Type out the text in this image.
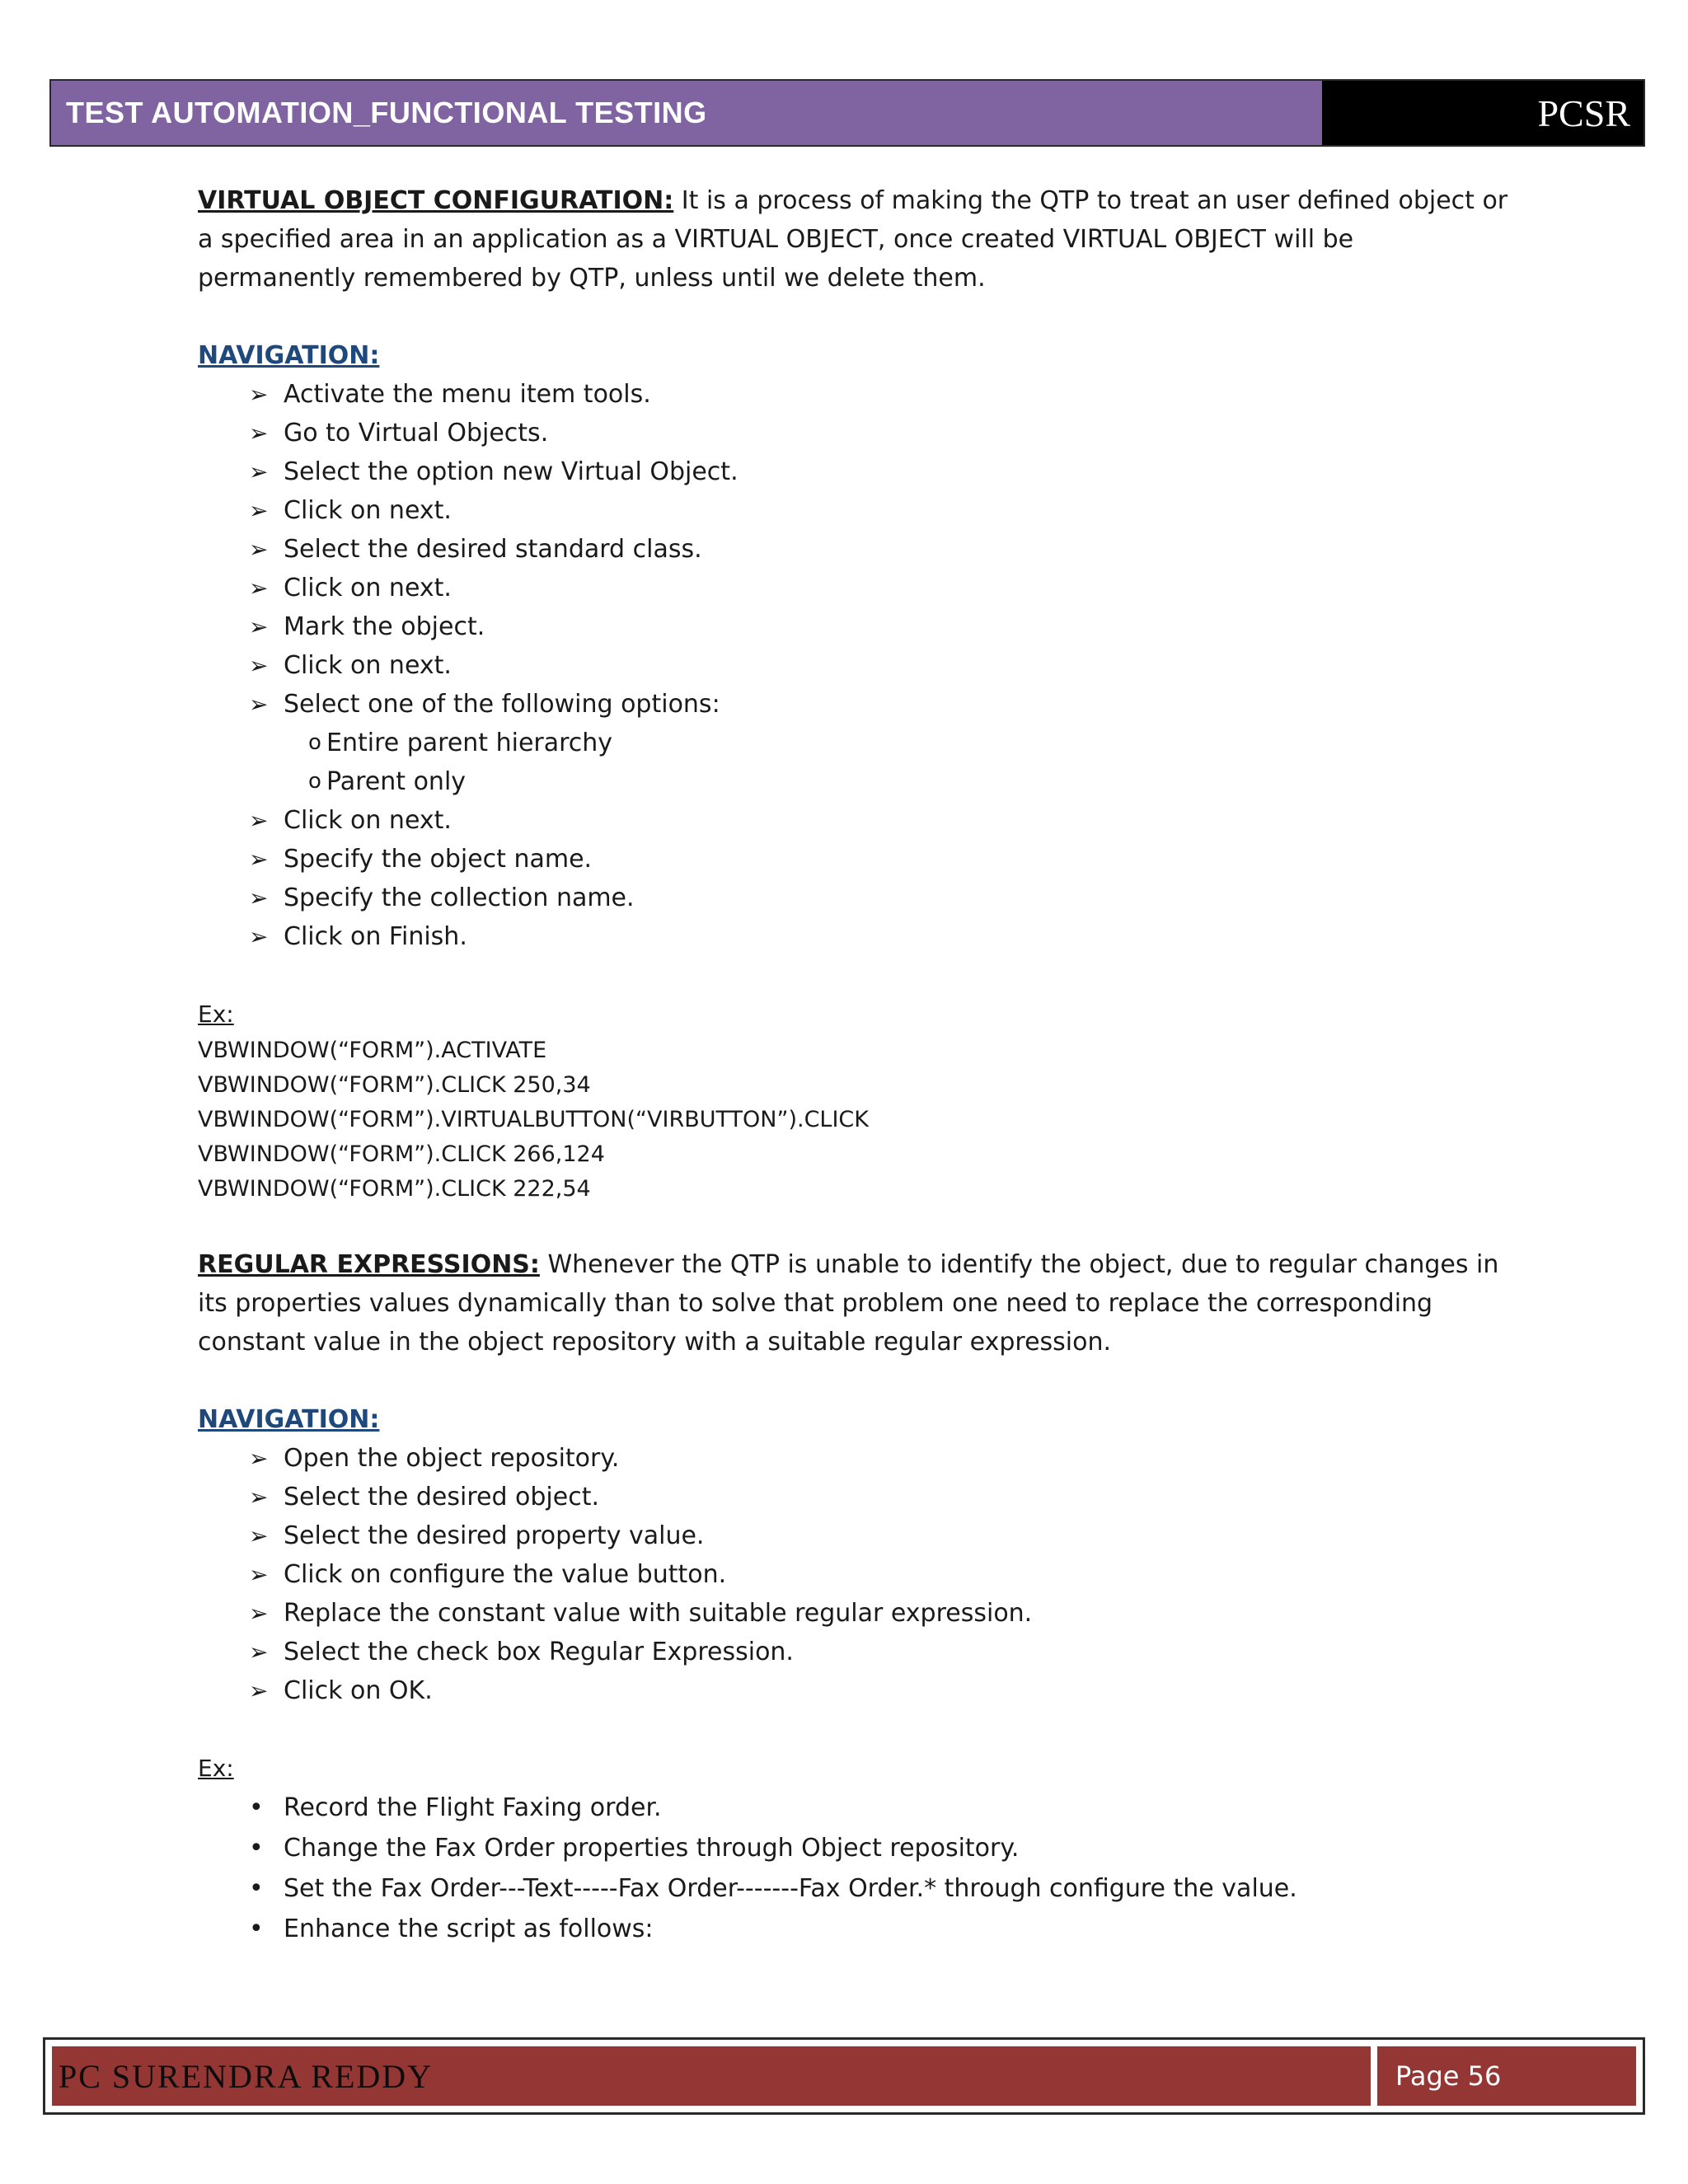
TEST AUTOMATION_FUNCTIONAL TESTING	PCSR

VIRTUAL OBJECT CONFIGURATION: It is a process of making the QTP to treat an user defined object or a specified area in an application as a VIRTUAL OBJECT, once created VIRTUAL OBJECT will be permanently remembered by QTP, unless until we delete them.

NAVIGATION:
➢ Activate the menu item tools.
➢ Go to Virtual Objects.
➢ Select the option new Virtual Object.
➢ Click on next.
➢ Select the desired standard class.
➢ Click on next.
➢ Mark the object.
➢ Click on next.
➢ Select one of the following options:
o Entire parent hierarchy
o Parent only
➢ Click on next.
➢ Specify the object name.
➢ Specify the collection name.
➢ Click on Finish.
Ex:

VBWINDOW(“FORM”).ACTIVATE

VBWINDOW(“FORM”).CLICK 250,34

VBWINDOW(“FORM”).VIRTUALBUTTON(“VIRBUTTON”).CLICK

VBWINDOW(“FORM”).CLICK 266,124

VBWINDOW(“FORM”).CLICK 222,54

REGULAR EXPRESSIONS: Whenever the QTP is unable to identify the object, due to regular changes in its properties values dynamically than to solve that problem one need to replace the corresponding constant value in the object repository with a suitable regular expression.

NAVIGATION:
➢ Open the object repository.
➢ Select the desired object.
➢ Select the desired property value.
➢ Click on configure the value button.
➢ Replace the constant value with suitable regular expression.
➢ Select the check box Regular Expression.
➢ Click on OK.
Ex:
• Record the Flight Faxing order.
• Change the Fax Order properties through Object repository.
• Set the Fax Order---Text-----Fax Order-------Fax Order.* through configure the value.
• Enhance the script as follows:
PC SURENDRA REDDY	Page 56
